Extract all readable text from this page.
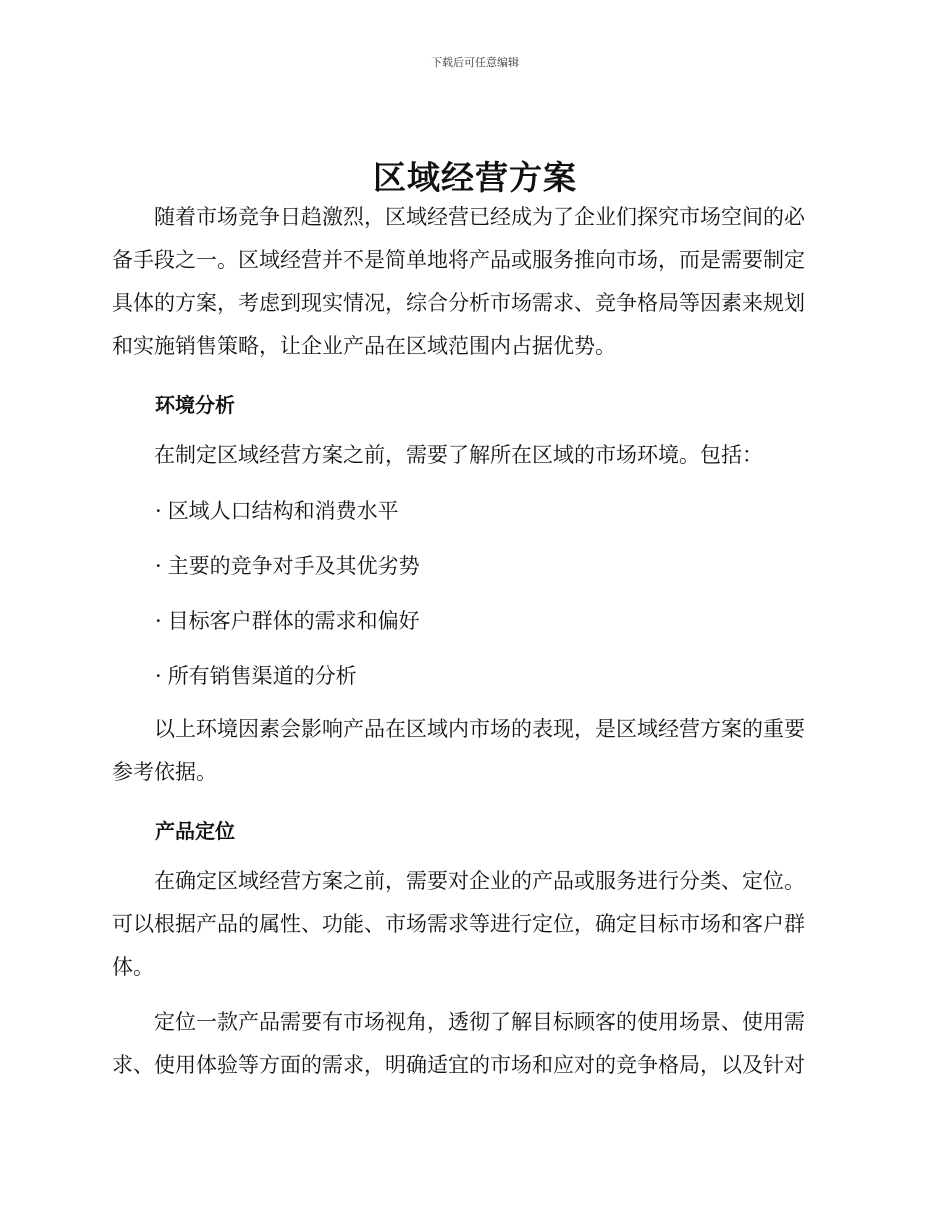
下载后可任意编辑
区域经营方案

随着市场竞争日趋激烈，区域经营已经成为了企业们探究市场空间的必

备手段之一。区域经营并不是简单地将产品或服务推向市场，而是需要制定

具体的方案，考虑到现实情况，综合分析市场需求、竞争格局等因素来规划

和实施销售策略，让企业产品在区域范围内占据优势。

环境分析

在制定区域经营方案之前，需要了解所在区域的市场环境。包括：

· 区域人口结构和消费水平
· 主要的竞争对手及其优劣势
· 目标客户群体的需求和偏好
· 所有销售渠道的分析

以上环境因素会影响产品在区域内市场的表现，是区域经营方案的重要

参考依据。

产品定位

在确定区域经营方案之前，需要对企业的产品或服务进行分类、定位。

可以根据产品的属性、功能、市场需求等进行定位，确定目标市场和客户群

体。

定位一款产品需要有市场视角，透彻了解目标顾客的使用场景、使用需

求、使用体验等方面的需求，明确适宜的市场和应对的竞争格局，以及针对
